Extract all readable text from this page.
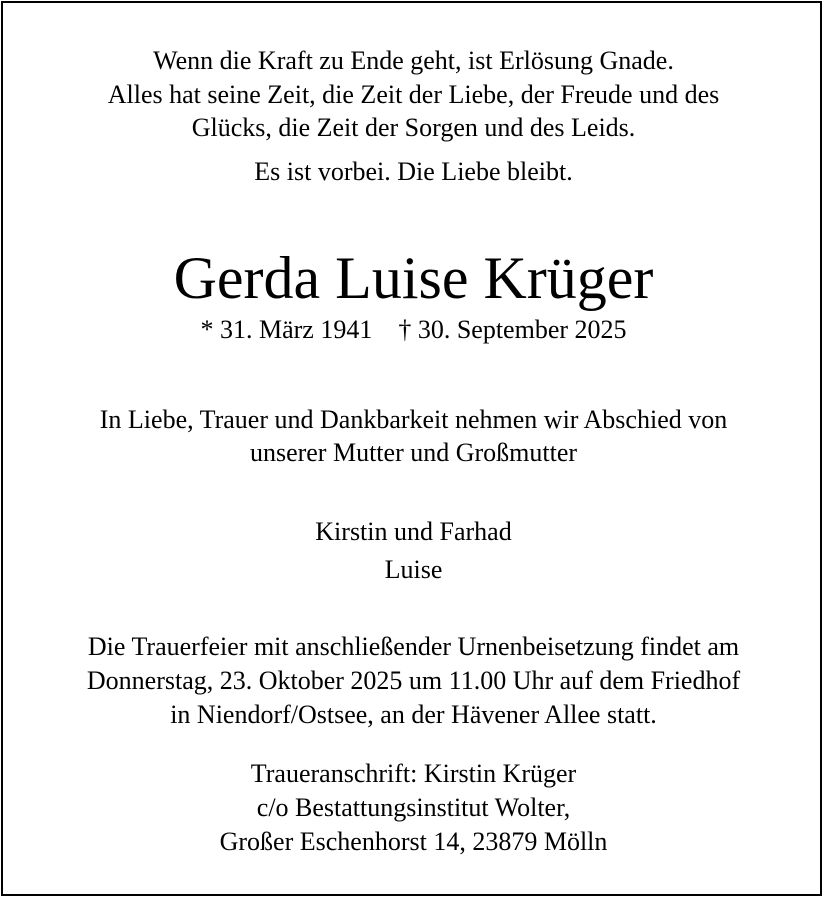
Wenn die Kraft zu Ende geht, ist Erlösung Gnade.
Alles hat seine Zeit, die Zeit der Liebe, der Freude und des
Glücks, die Zeit der Sorgen und des Leids.
Es ist vorbei. Die Liebe bleibt.
Gerda Luise Krüger
* 31. März 1941 † 30. September 2025
In Liebe, Trauer und Dankbarkeit nehmen wir Abschied von
unserer Mutter und Großmutter
Kirstin und Farhad
Luise
Die Trauerfeier mit anschließender Urnenbeisetzung findet am
Donnerstag, 23. Oktober 2025 um 11.00 Uhr auf dem Friedhof
in Niendorf/Ostsee, an der Hävener Allee statt.
Traueranschrift: Kirstin Krüger
c/o Bestattungsinstitut Wolter,
Großer Eschenhorst 14, 23879 Mölln
